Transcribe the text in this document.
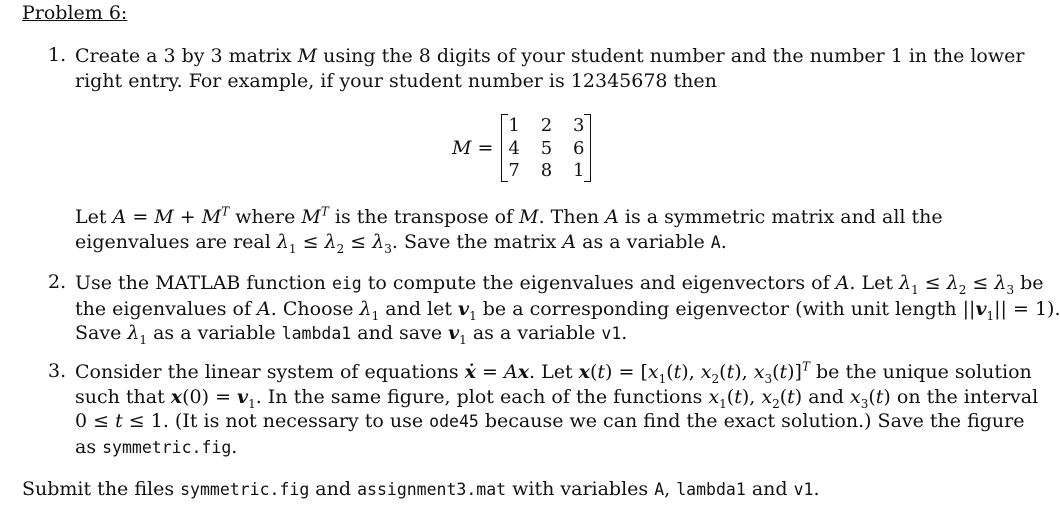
Problem 6:
1. Create a 3 by 3 matrix M using the 8 digits of your student number and the number 1 in the lower
right entry. For example, if your student number is 12345678 then
M =
1	2	3
4	5	6
7	8	1
Let $A = M + M^T$ where $M^T$ is the transpose of M. Then A is a symmetric matrix and all the
eigenvalues are real $\lambda_1 \le \lambda_2 \le \lambda_3$. Save the matrix A as a variable A.
2. Use the MATLAB function eig to compute the eigenvalues and eigenvectors of A. Let $\lambda_1 \le \lambda_2 \le \lambda_3$ be
the eigenvalues of A. Choose $\lambda_1$ and let $v_1$ be a corresponding eigenvector (with unit length $||v_1|| = 1$).
Save $\lambda_1$ as a variable lambda1 and save $v_1$ as a variable v1.
3. Consider the linear system of equations ẋ = Ax. Let $x(t) = [x_1(t)$, $x_2(t)$, $x_3(t)]^T$ be the unique solution
such that $x(0) = v_1$. In the same figure, plot each of the functions $x_1(t)$, $x_2(t)$ and $x_3(t)$ on the interval
0 ≤ t ≤ 1. (It is not necessary to use ode45 because we can find the exact solution.) Save the figure
as symmetric.fig.
Submit the files symmetric.fig and assignment3.mat with variables A, lambda1 and v1.
